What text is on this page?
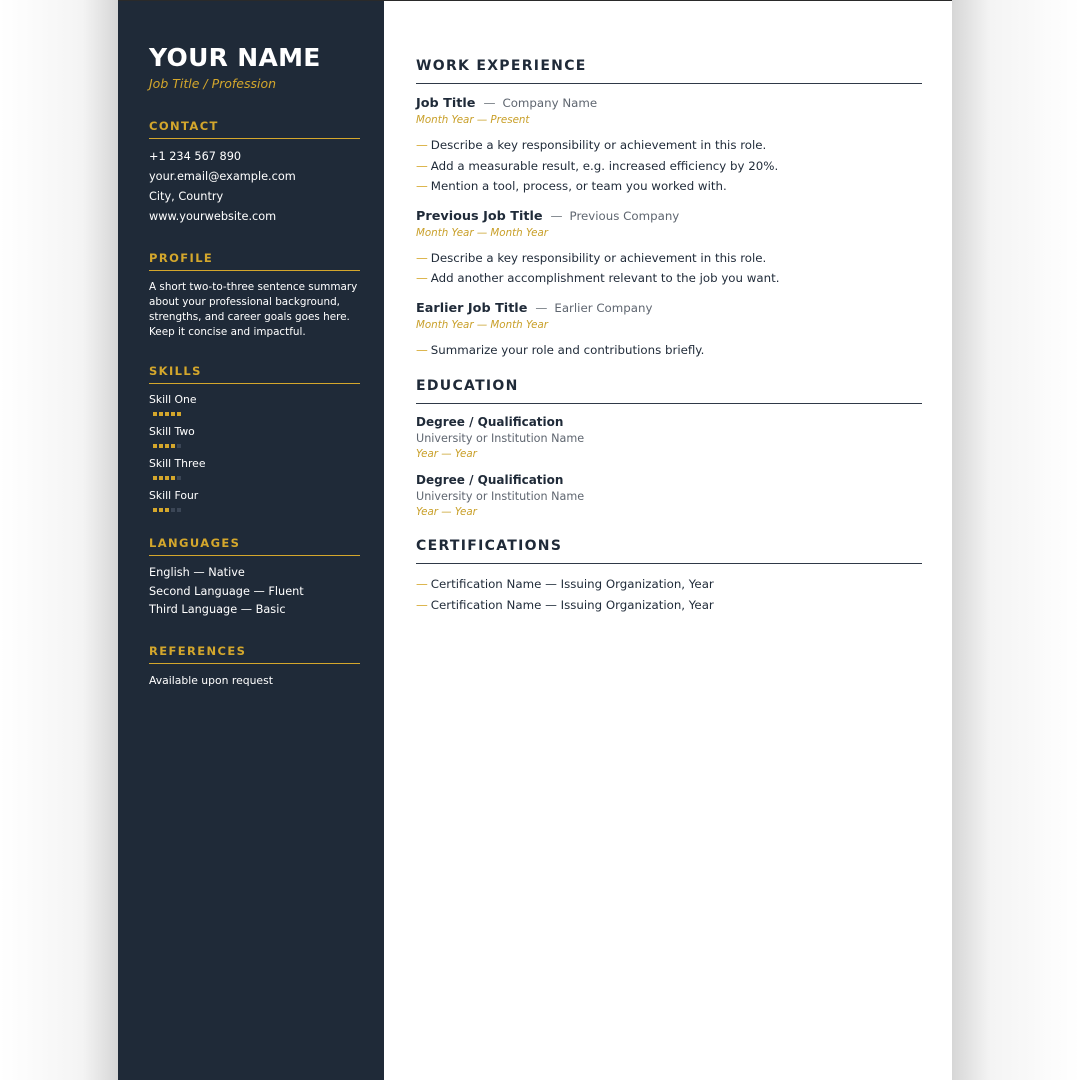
YOUR NAME
Job Title / Profession
CONTACT
+1 234 567 890
your.email@example.com
City, Country
www.yourwebsite.com
PROFILE
A short two-to-three sentence summary about your professional background, strengths, and career goals goes here. Keep it concise and impactful.
SKILLS
Skill One
Skill Two
Skill Three
Skill Four
LANGUAGES
English — Native
Second Language — Fluent
Third Language — Basic
REFERENCES
Available upon request
WORK EXPERIENCE
Job Title — Company Name
Month Year — Present
— Describe a key responsibility or achievement in this role.
— Add a measurable result, e.g. increased efficiency by 20%.
— Mention a tool, process, or team you worked with.
Previous Job Title — Previous Company
Month Year — Month Year
— Describe a key responsibility or achievement in this role.
— Add another accomplishment relevant to the job you want.
Earlier Job Title — Earlier Company
Month Year — Month Year
— Summarize your role and contributions briefly.
EDUCATION
Degree / Qualification
University or Institution Name
Year — Year
Degree / Qualification
University or Institution Name
Year — Year
CERTIFICATIONS
— Certification Name — Issuing Organization, Year
— Certification Name — Issuing Organization, Year
